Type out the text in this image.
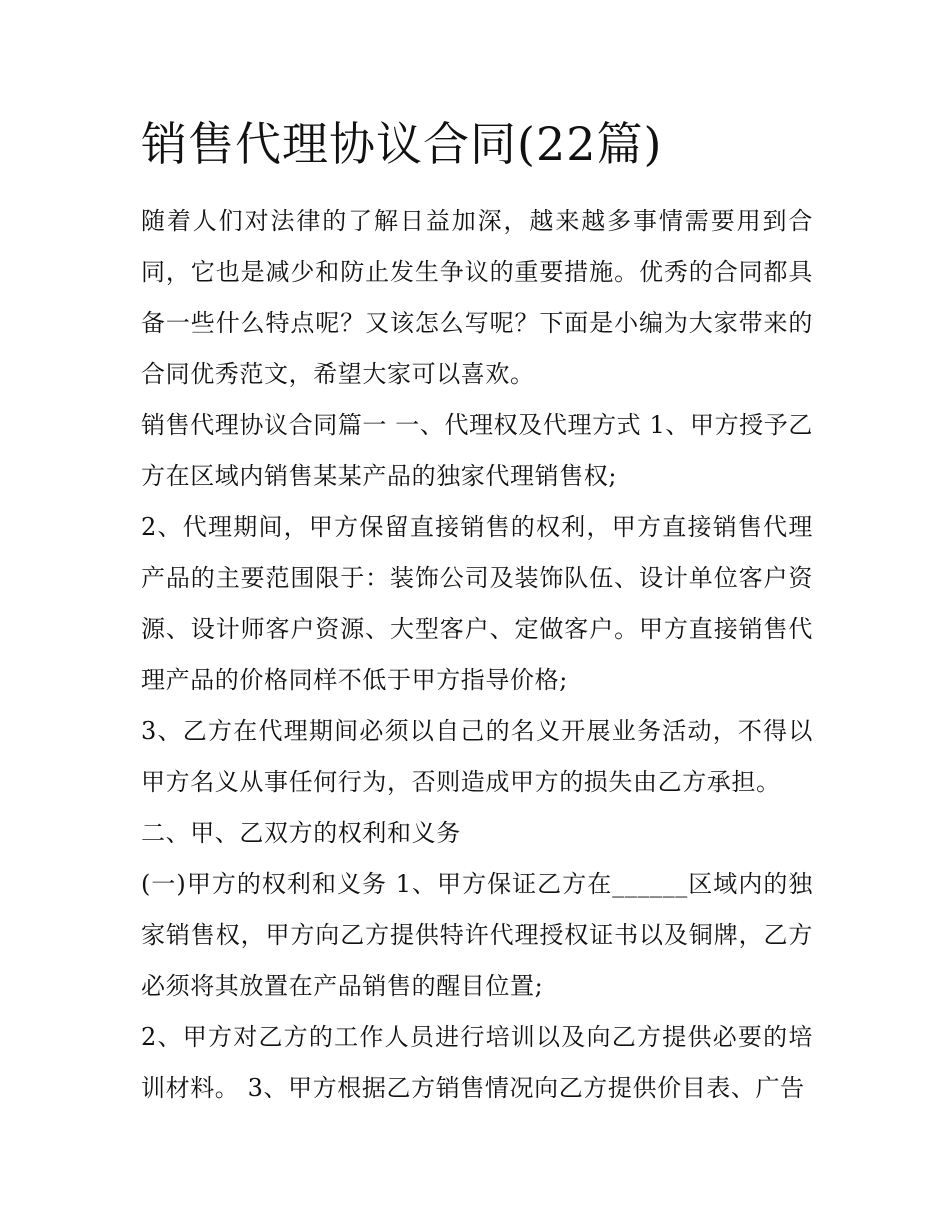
销售代理协议合同(22篇)

随着人们对法律的了解日益加深，越来越多事情需要用到合同，它也是减少和防止发生争议的重要措施。优秀的合同都具备一些什么特点呢？又该怎么写呢？下面是小编为大家带来的合同优秀范文，希望大家可以喜欢。

销售代理协议合同篇一 一、代理权及代理方式 1、甲方授予乙方在区域内销售某某产品的独家代理销售权;

2、代理期间，甲方保留直接销售的权利，甲方直接销售代理产品的主要范围限于：装饰公司及装饰队伍、设计单位客户资源、设计师客户资源、大型客户、定做客户。甲方直接销售代理产品的价格同样不低于甲方指导价格;

3、乙方在代理期间必须以自己的名义开展业务活动，不得以甲方名义从事任何行为，否则造成甲方的损失由乙方承担。

二、甲、乙双方的权利和义务

(一)甲方的权利和义务 1、甲方保证乙方在______区域内的独家销售权，甲方向乙方提供特许代理授权证书以及铜牌，乙方必须将其放置在产品销售的醒目位置;

2、甲方对乙方的工作人员进行培训以及向乙方提供必要的培训材料。 3、甲方根据乙方销售情况向乙方提供价目表、广告
